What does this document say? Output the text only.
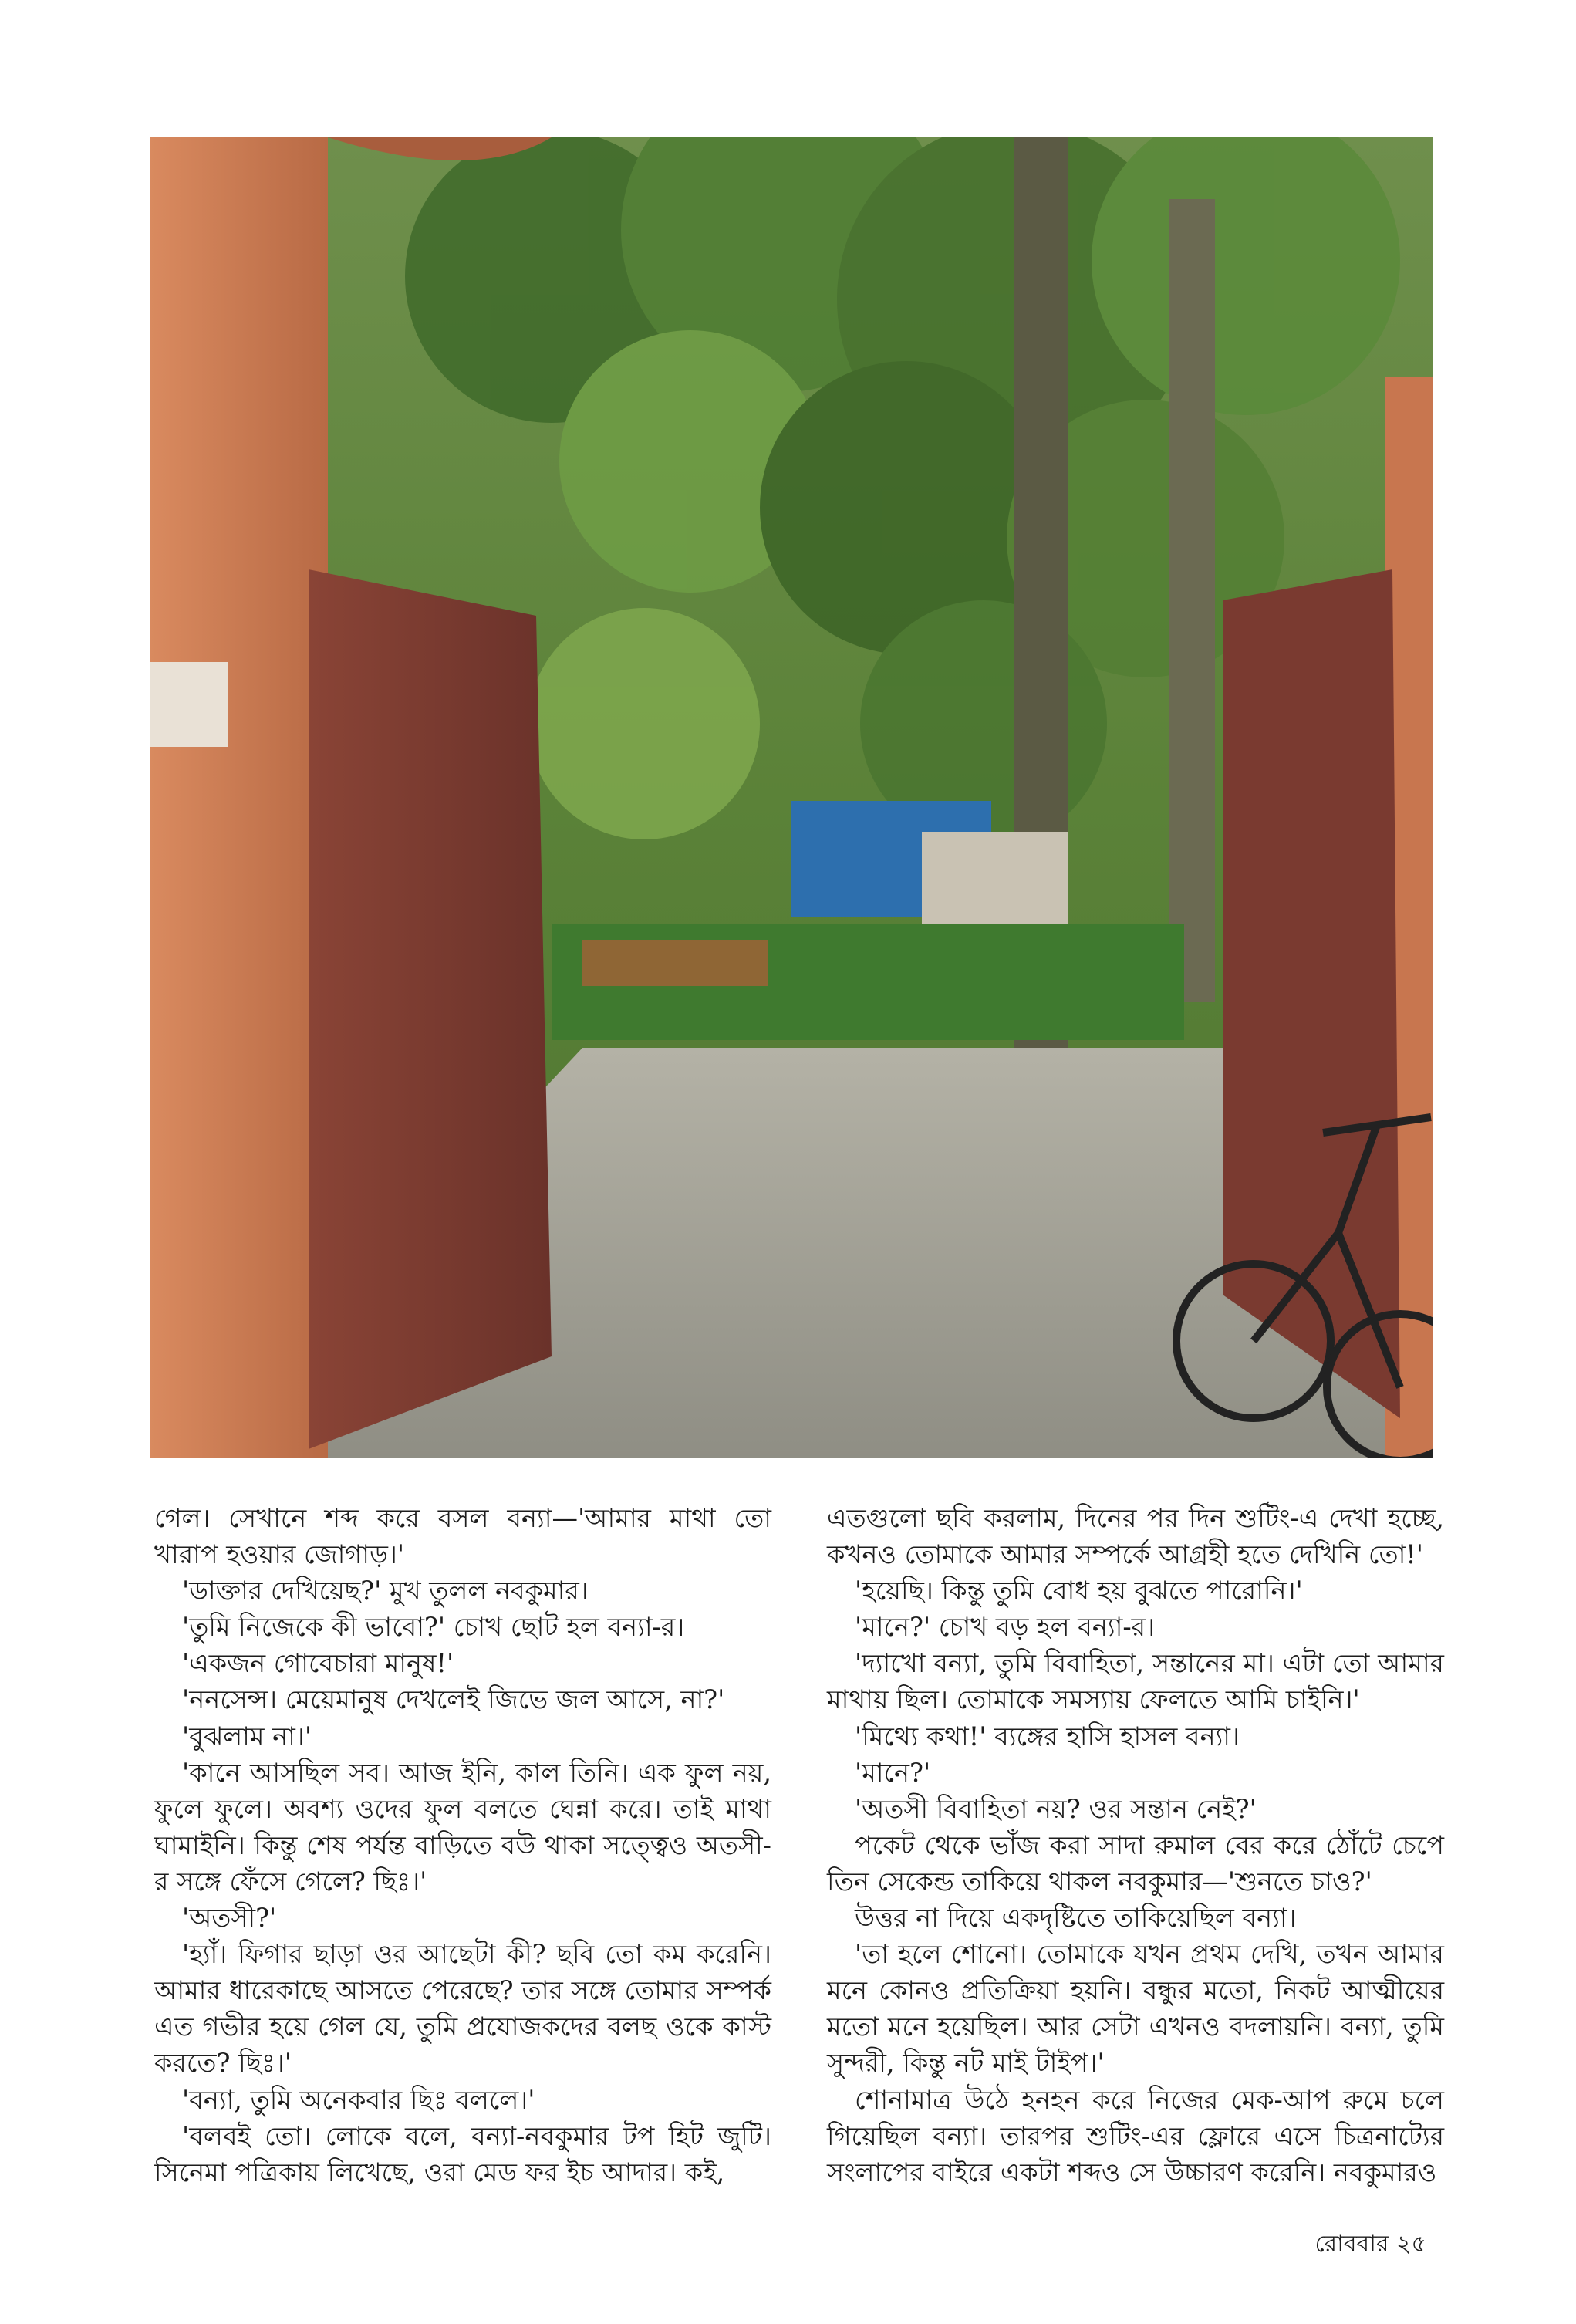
গেল। সেখানে শব্দ করে বসল বন্যা—'আমার মাথা তো খারাপ হওয়ার জোগাড়।'

'ডাক্তার দেখিয়েছ?' মুখ তুলল নবকুমার।

'তুমি নিজেকে কী ভাবো?' চোখ ছোট হল বন্যা-র।

'একজন গোবেচারা মানুষ!'

'ননসেন্স। মেয়েমানুষ দেখলেই জিভে জল আসে, না?'

'বুঝলাম না।'

'কানে আসছিল সব। আজ ইনি, কাল তিনি। এক ফুল নয়, ফুলে ফুলে। অবশ্য ওদের ফুল বলতে ঘেন্না করে। তাই মাথা ঘামাইনি। কিন্তু শেষ পর্যন্ত বাড়িতে বউ থাকা সত্ত্বেও অতসী-র সঙ্গে ফেঁসে গেলে? ছিঃ।'

'অতসী?'

'হ্যাঁ। ফিগার ছাড়া ওর আছেটা কী? ছবি তো কম করেনি। আমার ধারেকাছে আসতে পেরেছে? তার সঙ্গে তোমার সম্পর্ক এত গভীর হয়ে গেল যে, তুমি প্রযোজকদের বলছ ওকে কাস্ট করতে? ছিঃ।'

'বন্যা, তুমি অনেকবার ছিঃ বললে।'

'বলবই তো। লোকে বলে, বন্যা-নবকুমার টপ হিট জুটি। সিনেমা পত্রিকায় লিখেছে, ওরা মেড ফর ইচ আদার। কই,

এতগুলো ছবি করলাম, দিনের পর দিন শুটিং-এ দেখা হচ্ছে, কখনও তোমাকে আমার সম্পর্কে আগ্রহী হতে দেখিনি তো!'

'হয়েছি। কিন্তু তুমি বোধ হয় বুঝতে পারোনি।'

'মানে?' চোখ বড় হল বন্যা-র।

'দ্যাখো বন্যা, তুমি বিবাহিতা, সন্তানের মা। এটা তো আমার মাথায় ছিল। তোমাকে সমস্যায় ফেলতে আমি চাইনি।'

'মিথ্যে কথা!' ব্যঙ্গের হাসি হাসল বন্যা।

'মানে?'

'অতসী বিবাহিতা নয়? ওর সন্তান নেই?'

পকেট থেকে ভাঁজ করা সাদা রুমাল বের করে ঠোঁটে চেপে তিন সেকেন্ড তাকিয়ে থাকল নবকুমার—'শুনতে চাও?'

উত্তর না দিয়ে একদৃষ্টিতে তাকিয়েছিল বন্যা।

'তা হলে শোনো। তোমাকে যখন প্রথম দেখি, তখন আমার মনে কোনও প্রতিক্রিয়া হয়নি। বন্ধুর মতো, নিকট আত্মীয়ের মতো মনে হয়েছিল। আর সেটা এখনও বদলায়নি। বন্যা, তুমি সুন্দরী, কিন্তু নট মাই টাইপ।'

শোনামাত্র উঠে হনহন করে নিজের মেক-আপ রুমে চলে গিয়েছিল বন্যা। তারপর শুটিং-এর ফ্লোরে এসে চিত্রনাট্যের সংলাপের বাইরে একটা শব্দও সে উচ্চারণ করেনি। নবকুমারও

রোববার ২৫
